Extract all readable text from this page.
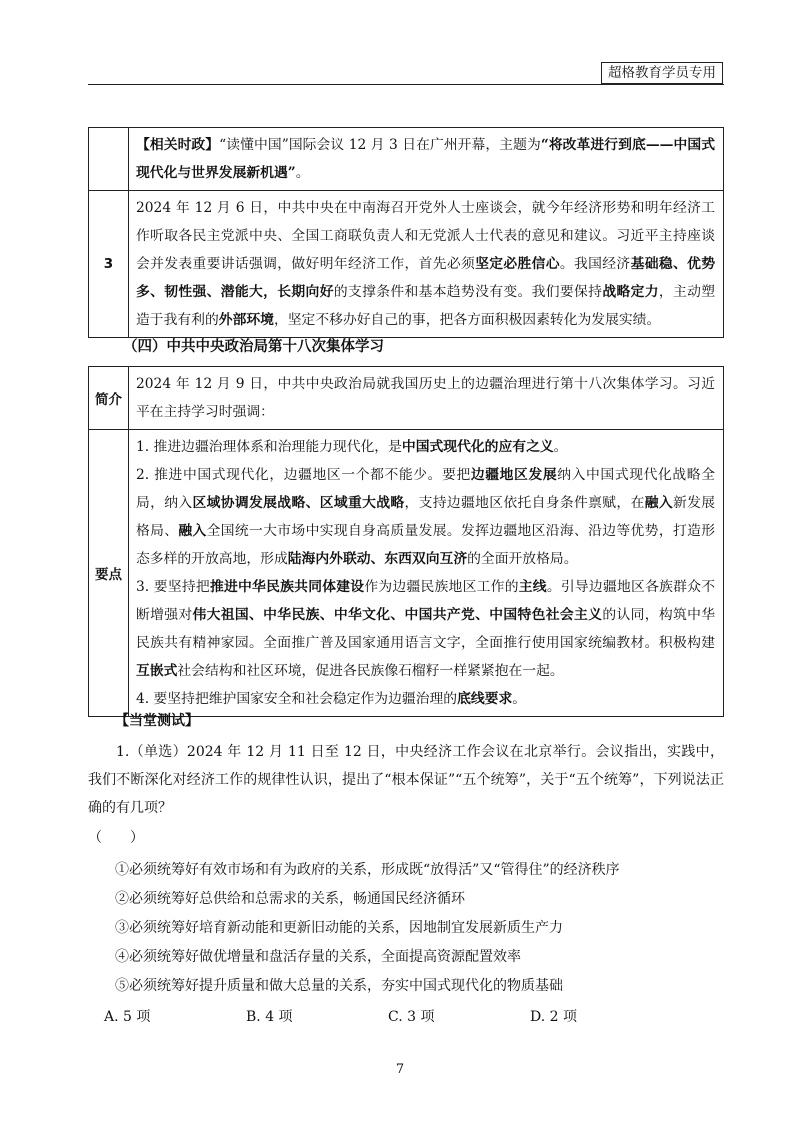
超格教育学员专用

	【相关时政】“读懂中国”国际会议 12 月 3 日在广州开幕，主题为“将改革进行到底——中国式现代化与世界发展新机遇”。

3	2024 年 12 月 6 日，中共中央在中南海召开党外人士座谈会，就今年经济形势和明年经济工作听取各民主党派中央、全国工商联负责人和无党派人士代表的意见和建议。习近平主持座谈会并发表重要讲话强调，做好明年经济工作，首先必须坚定必胜信心。我国经济基础稳、优势多、韧性强、潜能大，长期向好的支撑条件和基本趋势没有变。我们要保持战略定力，主动塑造于我有利的外部环境，坚定不移办好自己的事，把各方面积极因素转化为发展实绩。

（四）中共中央政治局第十八次集体学习
简介	2024 年 12 月 9 日，中共中央政治局就我国历史上的边疆治理进行第十八次集体学习。习近平在主持学习时强调：
要点	1. 推进边疆治理体系和治理能力现代化，是中国式现代化的应有之义。

2. 推进中国式现代化，边疆地区一个都不能少。要把边疆地区发展纳入中国式现代化战略全局，纳入区域协调发展战略、区域重大战略，支持边疆地区依托自身条件禀赋，在融入新发展格局、融入全国统一大市场中实现自身高质量发展。发挥边疆地区沿海、沿边等优势，打造形态多样的开放高地，形成陆海内外联动、东西双向互济的全面开放格局。

3. 要坚持把推进中华民族共同体建设作为边疆民族地区工作的主线。引导边疆地区各族群众不断增强对伟大祖国、中华民族、中华文化、中国共产党、中国特色社会主义的认同，构筑中华民族共有精神家园。全面推广普及国家通用语言文字，全面推行使用国家统编教材。积极构建互嵌式社会结构和社区环境，促进各民族像石榴籽一样紧紧抱在一起。

4. 要坚持把维护国家安全和社会稳定作为边疆治理的底线要求。

【当堂测试】

1.（单选）2024 年 12 月 11 日至 12 日，中央经济工作会议在北京举行。会议指出，实践中，我们不断深化对经济工作的规律性认识，提出了“根本保证”“五个统筹”，关于“五个统筹”，下列说法正确的有几项？

（　　）

①必须统筹好有效市场和有为政府的关系，形成既“放得活”又“管得住”的经济秩序

②必须统筹好总供给和总需求的关系，畅通国民经济循环

③必须统筹好培育新动能和更新旧动能的关系，因地制宜发展新质生产力

④必须统筹好做优增量和盘活存量的关系，全面提高资源配置效率

⑤必须统筹好提升质量和做大总量的关系，夯实中国式现代化的物质基础

A. 5 项	B. 4 项	C. 3 项	D. 2 项
7
